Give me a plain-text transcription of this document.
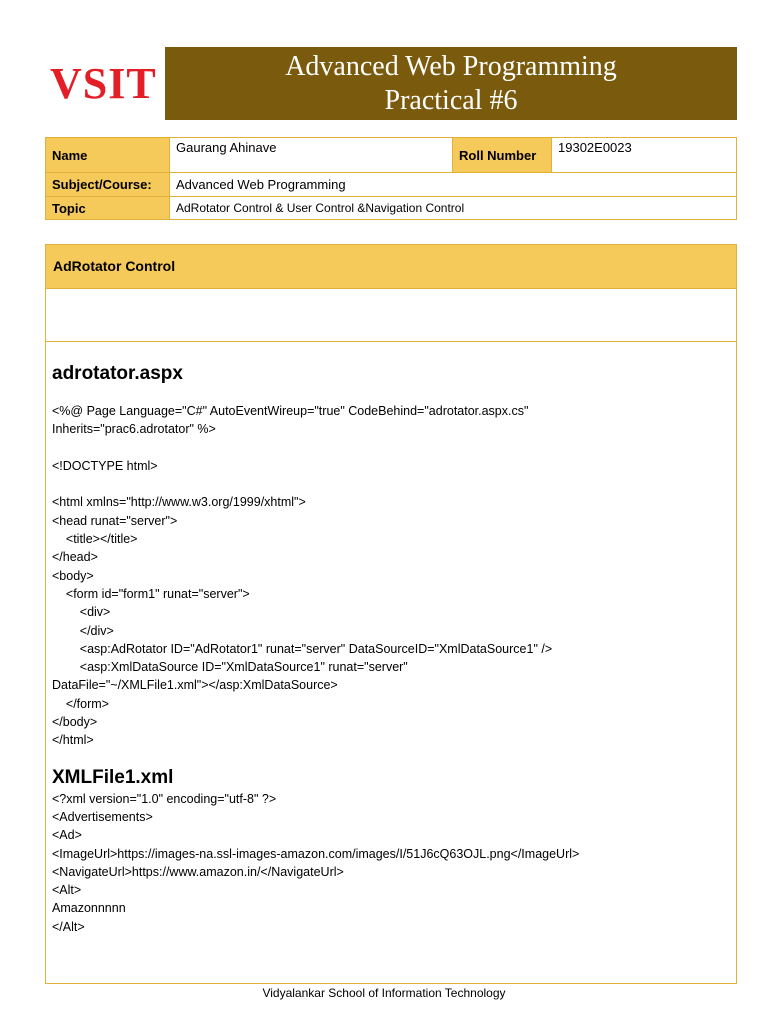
VSIT	Advanced Web Programming
Practical #6
Name	Gaurang Ahinave	Roll Number	19302E0023
Subject/Course:	Advanced Web Programming		
Topic	AdRotator Control & User Control &Navigation Control		
AdRotator Control
adrotator.aspx
<%@ Page Language="C#" AutoEventWireup="true" CodeBehind="adrotator.aspx.cs"
Inherits="prac6.adrotator" %>
<!DOCTYPE html>
<html xmlns="http://www.w3.org/1999/xhtml">
<head runat="server">
<title></title>
</head>
<body>
<form id="form1" runat="server">
<div>
</div>
<asp:AdRotator ID="AdRotator1" runat="server" DataSourceID="XmlDataSource1" />
<asp:XmlDataSource ID="XmlDataSource1" runat="server"
DataFile="~/XMLFile1.xml"></asp:XmlDataSource>
</form>
</body>
</html>
XMLFile1.xml
<?xml version="1.0" encoding="utf-8" ?>
<Advertisements>
<Ad>
<ImageUrl>https://images-na.ssl-images-amazon.com/images/I/51J6cQ63OJL.png</ImageUrl>
<NavigateUrl>https://www.amazon.in/</NavigateUrl>
<Alt>
Amazonnnnn
</Alt>
Vidyalankar School of Information Technology
